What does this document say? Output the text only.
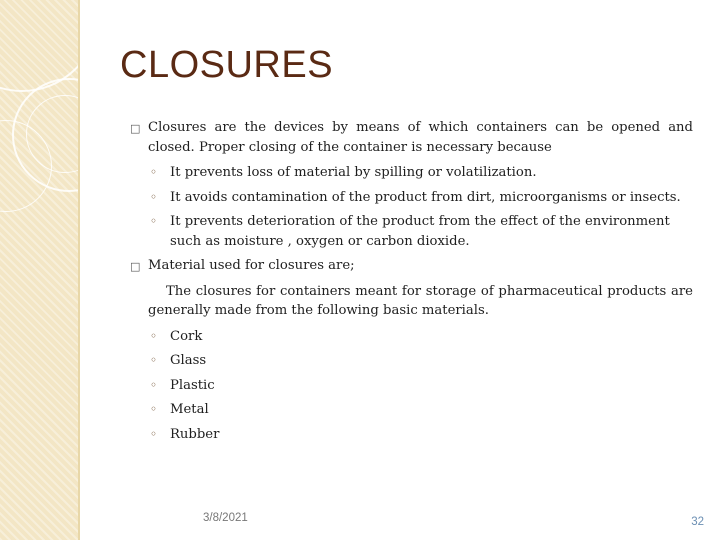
CLOSURES
□ Closures are the devices by means of which containers can be opened and closed. Proper closing of the container is necessary because
◦ It prevents loss of material by spilling or volatilization.
◦ It avoids contamination of the product from dirt, microorganisms or insects.
◦ It prevents deterioration of the product from the effect of the environment such as moisture , oxygen or carbon dioxide.
□ Material used for closures are;

The closures for containers meant for storage of pharmaceutical products are generally made from the following basic materials.

◦ Cork
◦ Glass
◦ Plastic
◦ Metal
◦ Rubber
3/8/2021	32
